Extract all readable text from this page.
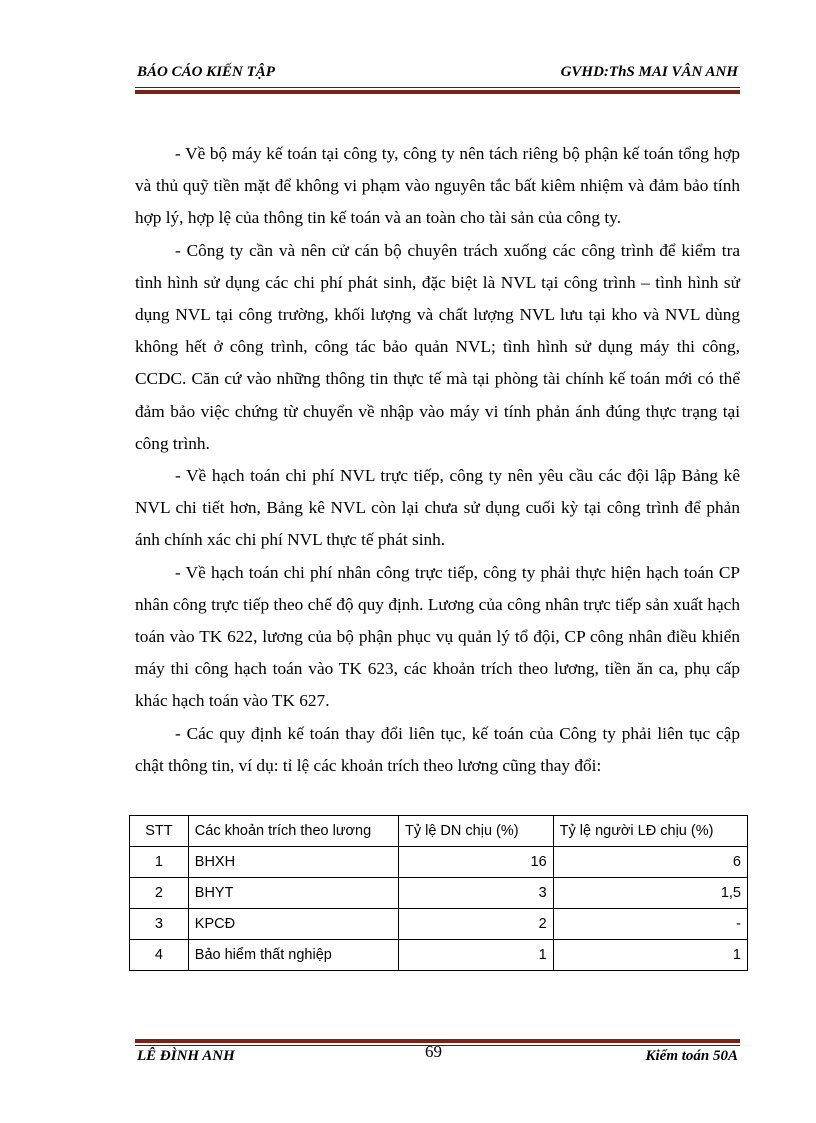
BÁO CÁO KIẾN TẬP	GVHD:ThS MAI VÂN ANH

- Về bộ máy kế toán tại công ty, công ty nên tách riêng bộ phận kế toán tổng hợp và thủ quỹ tiền mặt để không vi phạm vào nguyên tắc bất kiêm nhiệm và đảm bảo tính hợp lý, hợp lệ của thông tin kế toán và an toàn cho tài sản của công ty.

- Công ty cần và nên cử cán bộ chuyên trách xuống các công trình để kiểm tra tình hình sử dụng các chi phí phát sinh, đặc biệt là NVL tại công trình – tình hình sử dụng NVL tại công trường, khối lượng và chất lượng NVL lưu tại kho và NVL dùng không hết ở công trình, công tác bảo quản NVL; tình hình sử dụng máy thi công, CCDC. Căn cứ vào những thông tin thực tế mà tại phòng tài chính kế toán mới có thể đảm bảo việc chứng từ chuyển về nhập vào máy vi tính phản ánh đúng thực trạng tại công trình.

- Về hạch toán chi phí NVL trực tiếp, công ty nên yêu cầu các đội lập Bảng kê NVL chi tiết hơn, Bảng kê NVL còn lại chưa sử dụng cuối kỳ tại công trình để phản ánh chính xác chi phí NVL thực tế phát sinh.

- Về hạch toán chi phí nhân công trực tiếp, công ty phải thực hiện hạch toán CP nhân công trực tiếp theo chế độ quy định. Lương của công nhân trực tiếp sản xuất hạch toán vào TK 622, lương của bộ phận phục vụ quản lý tổ đội, CP công nhân điều khiển máy thi công hạch toán vào TK 623, các khoản trích theo lương, tiền ăn ca, phụ cấp khác hạch toán vào TK 627.

- Các quy định kế toán thay đổi liên tục, kế toán của Công ty phải liên tục cập chật thông tin, ví dụ: tỉ lệ các khoản trích theo lương cũng thay đổi:

STT	Các khoản trích theo lương	Tỷ lệ DN chịu (%)	Tỷ lệ người LĐ chịu (%)
1	BHXH	16	6
2	BHYT	3	1,5
3	KPCĐ	2	-
4	Bảo hiểm thất nghiệp	1	1
LÊ ĐÌNH ANH	69	Kiểm toán 50A
